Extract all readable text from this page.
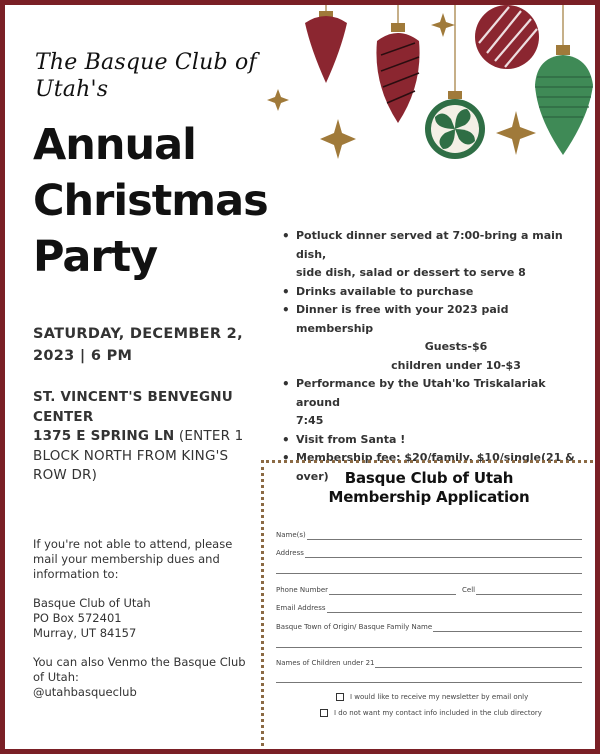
The Basque Club of Utah's
Annual
Christmas
Party
SATURDAY, DECEMBER 2,
2023 | 6 PM
ST. VINCENT'S BENVEGNU
CENTER
1375 E SPRING LN (ENTER 1
BLOCK NORTH FROM KING'S
ROW DR)
• Potluck dinner served at 7:00-bring a main dish,
side dish, salad or dessert to serve 8
• Drinks available to purchase
• Dinner is free with your 2023 paid membership
Guests-$6
children under 10-$3
• Performance by the Utah'ko Triskalariak around
7:45
• Visit from Santa !
• Membership fee: $20/family. $10/single(21 &
over)
If you're not able to attend, please
mail your membership dues and
information to:
Basque Club of Utah
PO Box 572401
Murray, UT 84157
You can also Venmo the Basque Club
of Utah:
@utahbasqueclub
Basque Club of Utah
Membership Application
Name(s)
Address
Phone Number	Cell
Email Address
Basque Town of Origin/ Basque Family Name
Names of Children under 21
I would like to receive my newsletter by email only
I do not want my contact info included in the club directory
